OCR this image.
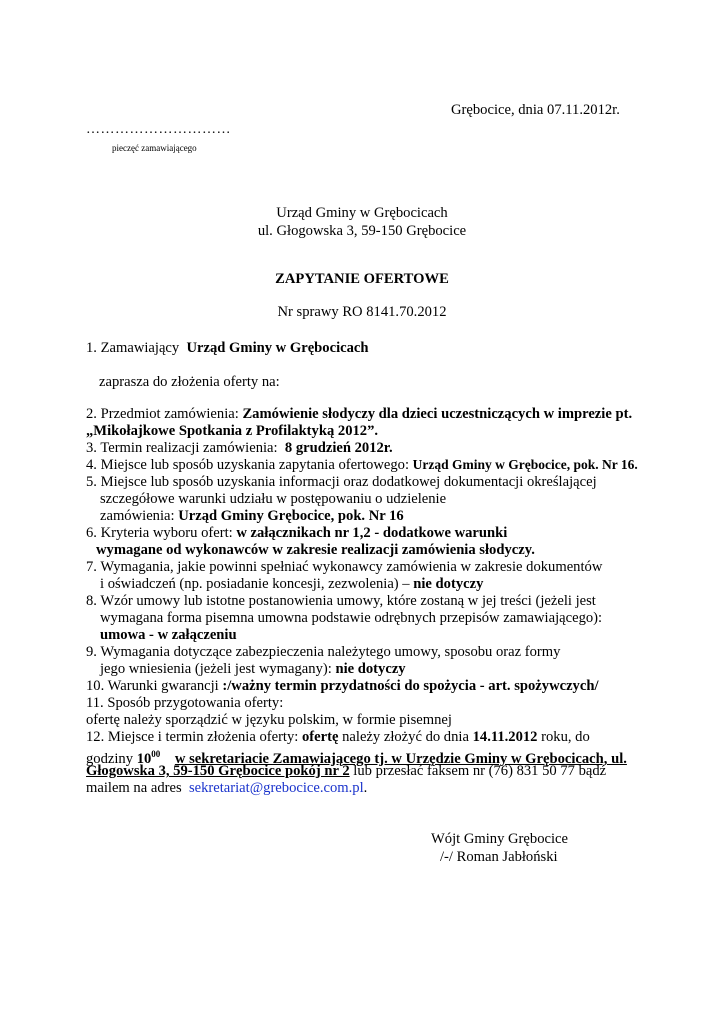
Grębocice, dnia 07.11.2012r.
…………………………
pieczęć zamawiającego
Urząd Gminy w Grębocicach
ul. Głogowska 3, 59-150 Grębocice
ZAPYTANIE OFERTOWE
Nr sprawy RO 8141.70.2012
1. Zamawiający Urząd Gminy w Grębocicach
zaprasza do złożenia oferty na:
2. Przedmiot zamówienia: Zamówienie słodyczy dla dzieci uczestniczących w imprezie pt.
„Mikołajkowe Spotkania z Profilaktyką 2012”.
3. Termin realizacji zamówienia: 8 grudzień 2012r.
4. Miejsce lub sposób uzyskania zapytania ofertowego: Urząd Gminy w Grębocice, pok. Nr 16.
5. Miejsce lub sposób uzyskania informacji oraz dodatkowej dokumentacji określającej
szczegółowe warunki udziału w postępowaniu o udzielenie
zamówienia: Urząd Gminy Grębocice, pok. Nr 16
6. Kryteria wyboru ofert: w załącznikach nr 1,2 - dodatkowe warunki
wymagane od wykonawców w zakresie realizacji zamówienia słodyczy.
7. Wymagania, jakie powinni spełniać wykonawcy zamówienia w zakresie dokumentów
i oświadczeń (np. posiadanie koncesji, zezwolenia) – nie dotyczy
8. Wzór umowy lub istotne postanowienia umowy, które zostaną w jej treści (jeżeli jest
wymagana forma pisemna umowna podstawie odrębnych przepisów zamawiającego):
umowa - w załączeniu
9. Wymagania dotyczące zabezpieczenia należytego umowy, sposobu oraz formy
jego wniesienia (jeżeli jest wymagany): nie dotyczy
10. Warunki gwarancji :/ważny termin przydatności do spożycia - art. spożywczych/
11. Sposób przygotowania oferty:
ofertę należy sporządzić w języku polskim, w formie pisemnej
12. Miejsce i termin złożenia oferty: ofertę należy złożyć do dnia 14.11.2012 roku, do
godziny $10^{00}$ w sekretariacie Zamawiającego tj. w Urzędzie Gminy w Grębocicach, ul.
Głogowska 3, 59-150 Grębocice pokój nr 2 lub przesłać faksem nr (76) 831 50 77 bądź
mailem na adres sekretariat@grebocice.com.pl.
Wójt Gminy Grębocice
/-/ Roman Jabłoński
